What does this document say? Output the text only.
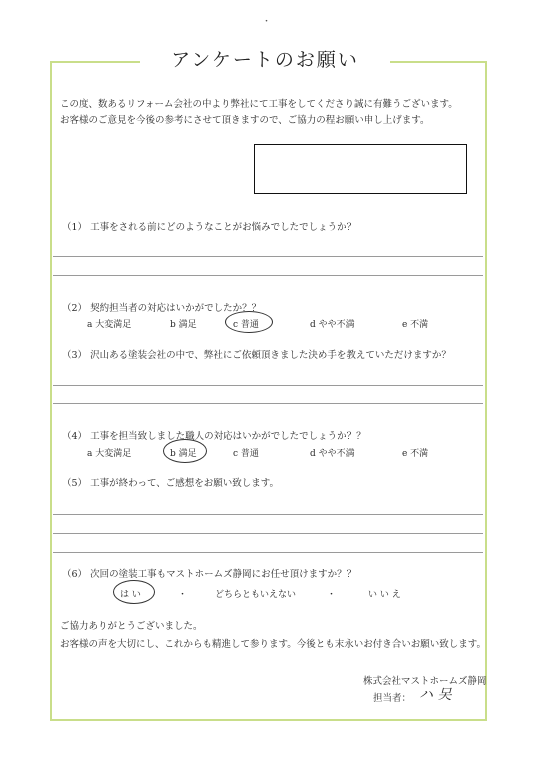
・
アンケートのお願い
この度、数あるリフォーム会社の中より弊社にて工事をしてくださり誠に有難うございます。
お客様のご意見を今後の参考にさせて頂きますので、ご協力の程お願い申し上げます。
（1） 工事をされる前にどのようなことがお悩みでしたでしょうか？
（2） 契約担当者の対応はいかがでしたか？？
a 大変満足	b 満足	c 普通	d やや不満	e 不満
（3） 沢山ある塗装会社の中で、弊社にご依頼頂きました決め手を教えていただけますか？
（4） 工事を担当致しました職人の対応はいかがでしたでしょうか？？
a 大変満足	b 満足	c 普通	d やや不満	e 不満
（5） 工事が終わって、ご感想をお願い致します。
（6） 次回の塗装工事もマストホームズ静岡にお任せ頂けますか？？
は い	・	どちらともいえない	・	い い え
ご協力ありがとうございました。
お客様の声を大切にし、これからも精進して参ります。今後とも末永いお付き合いお願い致します。
株式会社マストホームズ静岡
担当者： ハ 㕦
